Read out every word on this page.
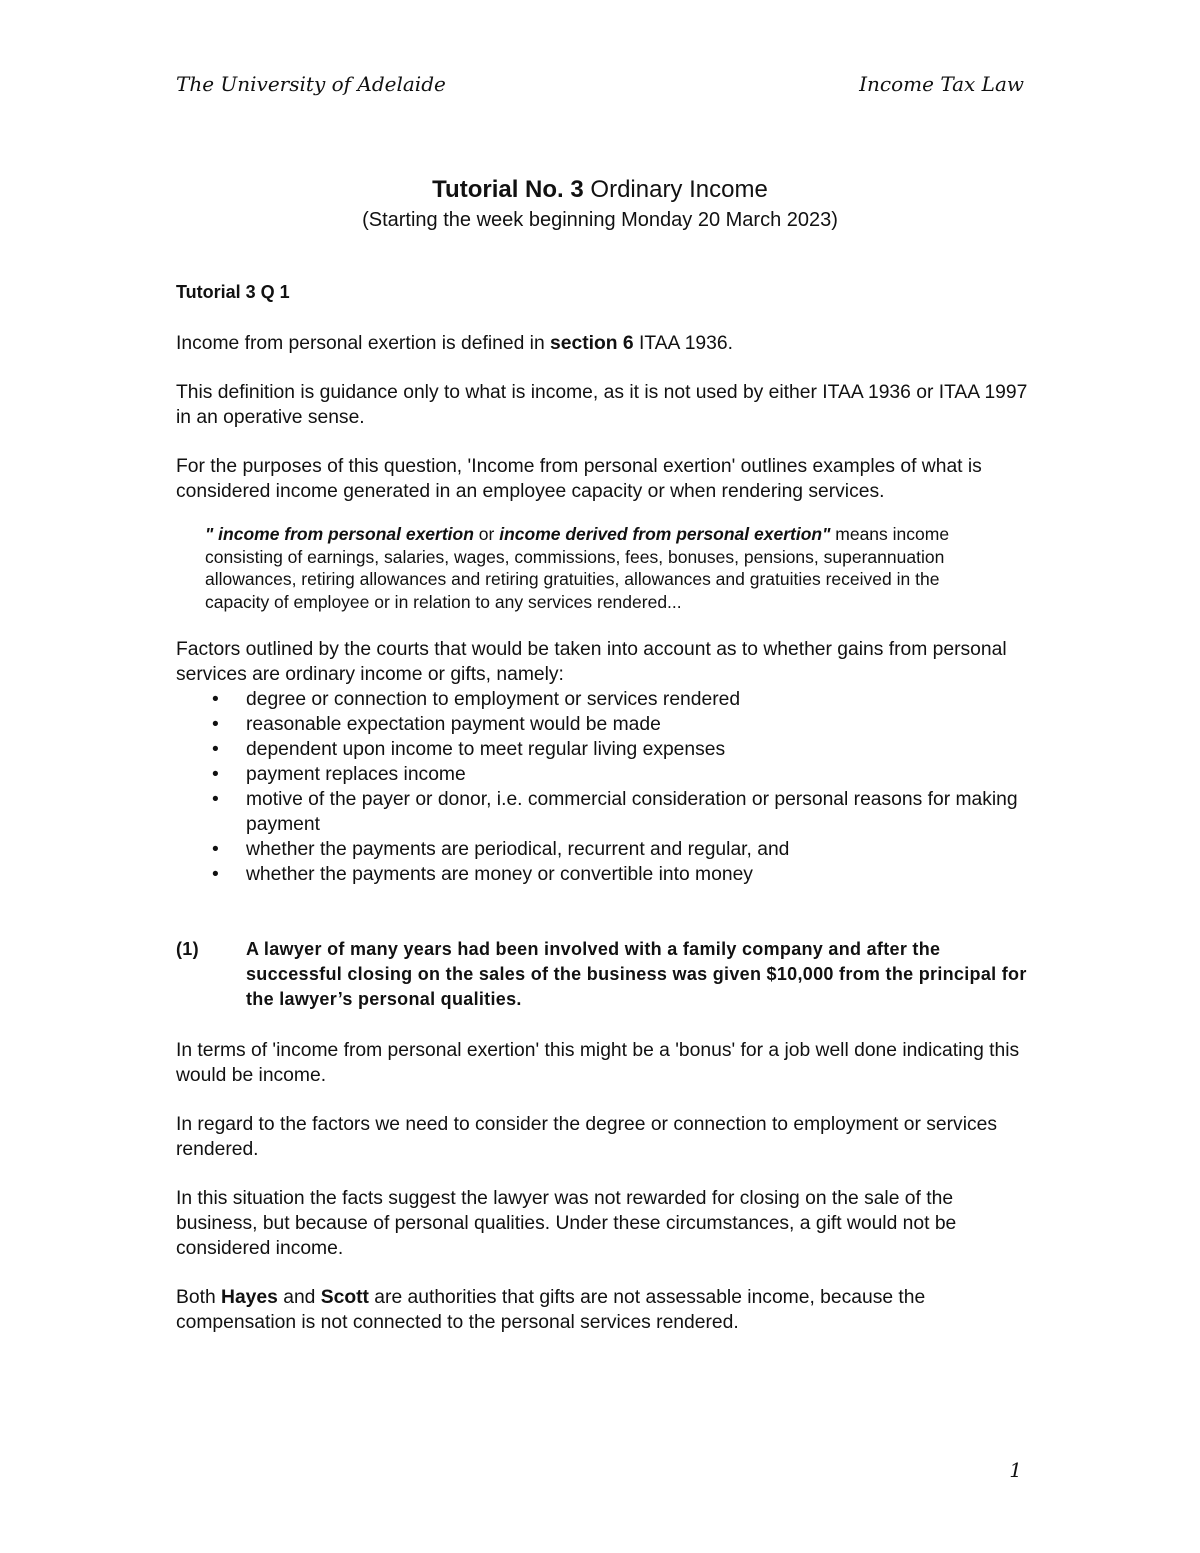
The University of Adelaide	Income Tax Law
Tutorial No. 3 Ordinary Income
(Starting the week beginning Monday 20 March 2023)

Tutorial 3 Q 1

Income from personal exertion is defined in section 6 ITAA 1936.

This definition is guidance only to what is income, as it is not used by either ITAA 1936 or ITAA 1997 in an operative sense.

For the purposes of this question, 'Income from personal exertion' outlines examples of what is considered income generated in an employee capacity or when rendering services.

" income from personal exertion or income derived from personal exertion" means income consisting of earnings, salaries, wages, commissions, fees, bonuses, pensions, superannuation allowances, retiring allowances and retiring gratuities, allowances and gratuities received in the capacity of employee or in relation to any services rendered...

Factors outlined by the courts that would be taken into account as to whether gains from personal services are ordinary income or gifts, namely:

• degree or connection to employment or services rendered
• reasonable expectation payment would be made
• dependent upon income to meet regular living expenses
• payment replaces income
• motive of the payer or donor, i.e. commercial consideration or personal reasons for making payment
• whether the payments are periodical, recurrent and regular, and
• whether the payments are money or convertible into money
(1)	A lawyer of many years had been involved with a family company and after the successful closing on the sales of the business was given $10,000 from the principal for the lawyer’s personal qualities.

In terms of 'income from personal exertion' this might be a 'bonus' for a job well done indicating this would be income.

In regard to the factors we need to consider the degree or connection to employment or services rendered.

In this situation the facts suggest the lawyer was not rewarded for closing on the sale of the business, but because of personal qualities. Under these circumstances, a gift would not be considered income.

Both Hayes and Scott are authorities that gifts are not assessable income, because the compensation is not connected to the personal services rendered.

1
